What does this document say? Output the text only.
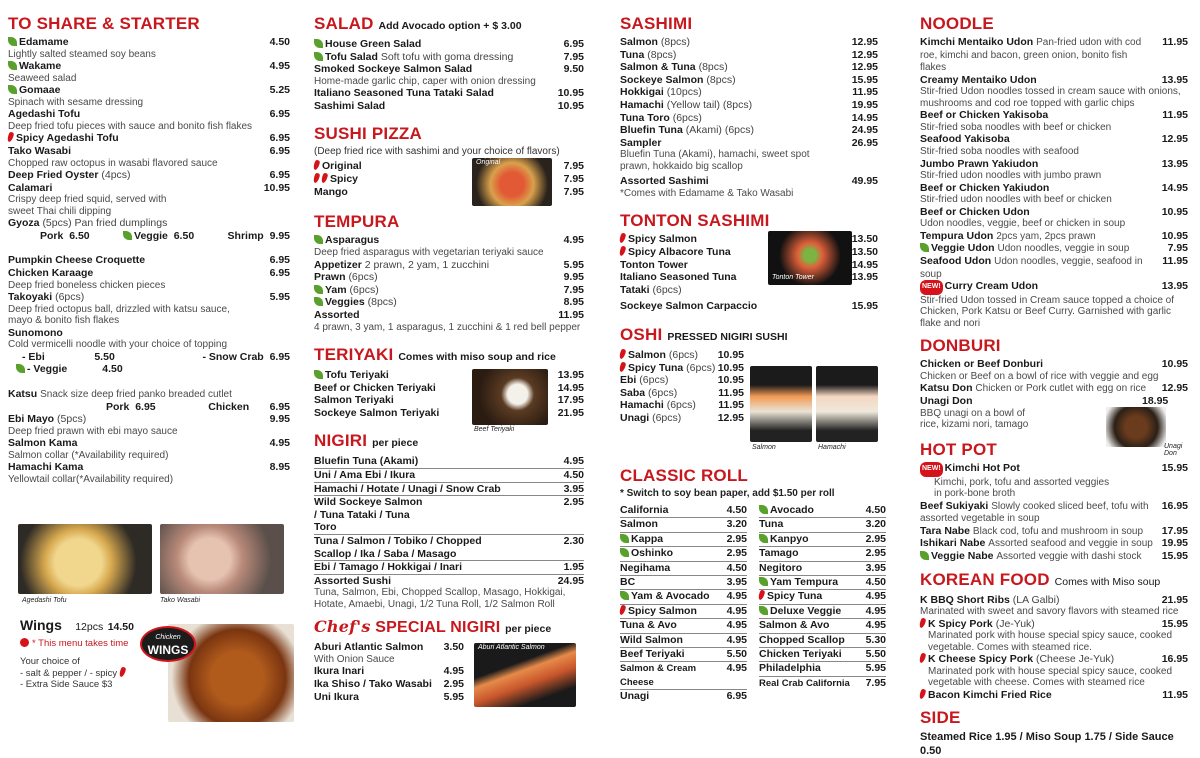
TO SHARE & STARTER
Edamame	4.50
Lightly salted steamed soy beans
Wakame	4.95
Seaweed salad
Gomaae	5.25
Spinach with sesame dressing
Agedashi Tofu	6.95
Deep fried tofu pieces with sauce and bonito fish flakes
Spicy Agedashi Tofu	6.95
Tako Wasabi	6.95
Chopped raw octopus in wasabi flavored sauce
Deep Fried Oyster (4pcs)	6.95
Calamari	10.95
Crispy deep fried squid, served with sweet Thai chili dipping
Gyoza (5pcs) Pan fried dumplings
Pork 6.50	Veggie 6.50	Shrimp 9.95
Pumpkin Cheese Croquette	6.95
Chicken Karaage	6.95
Deep fried boneless chicken pieces
Takoyaki (6pcs)	5.95
Deep fried octopus ball, drizzled with katsu sauce, mayo & bonito fish flakes
Sunomono
Cold vermicelli noodle with your choice of topping
- Ebi	5.50	- Snow Crab 6.95
- Veggie	4.50
Katsu Snack size deep fried panko breaded cutlet
Pork 6.95	Chicken 6.95
Ebi Mayo (5pcs)	9.95
Deep fried prawn with ebi mayo sauce
Salmon Kama	4.95
Salmon collar (*Availability required)
Hamachi Kama	8.95
Yellowtail collar(*Availability required)
Agedashi Tofu	Tako Wasabi
Wings 12pcs 14.50
* This menu takes time
Your choice of
- salt & pepper / - spicy
- Extra Side Sauce $3
Chicken
WINGS
SALAD Add Avocado option + $ 3.00
House Green Salad	6.95
Tofu Salad Soft tofu with goma dressing	7.95
Smoked Sockeye Salmon Salad	9.50
Home-made garlic chip, caper with onion dressing
Italiano Seasoned Tuna Tataki Salad	10.95
Sashimi Salad	10.95
SUSHI PIZZA
(Deep fried rice with sashimi and your choice of flavors)
Original	7.95
Spicy	7.95
Mango	7.95
Original
TEMPURA
Asparagus	4.95
Deep fried asparagus with vegetarian teriyaki sauce
Appetizer 2 prawn, 2 yam, 1 zucchini	5.95
Prawn (6pcs)	9.95
Yam (6pcs)	7.95
Veggies (8pcs)	8.95
Assorted	11.95
4 prawn, 3 yam, 1 asparagus, 1 zucchini & 1 red bell pepper
TERIYAKI Comes with miso soup and rice
Tofu Teriyaki	13.95
Beef or Chicken Teriyaki	14.95
Salmon Teriyaki	17.95
Sockeye Salmon Teriyaki	21.95
Beef Teriyaki
NIGIRI per piece
Bluefin Tuna (Akami)	4.95
Uni / Ama Ebi / Ikura	4.50
Hamachi / Hotate / Unagi / Snow Crab	3.95
Wild Sockeye Salmon / Tuna Tataki / Tuna Toro
2.95
Tuna / Salmon / Tobiko / Chopped Scallop / Ika / Saba / Masago
2.30
Ebi / Tamago / Hokkigai / Inari	1.95
Assorted Sushi	24.95
Tuna, Salmon, Ebi, Chopped Scallop, Masago, Hokkigai, Hotate, Amaebi, Unagi, 1/2 Tuna Roll, 1/2 Salmon Roll
Chef's SPECIAL NIGIRI per piece
Aburi Atlantic Salmon 3.50
With Onion Sauce
Ikura Inari	4.95
Ika Shiso / Tako Wasabi 2.95
Uni Ikura	5.95
Aburi Atlantic Salmon
SASHIMI
Salmon (8pcs)	12.95
Tuna (8pcs)	12.95
Salmon & Tuna (8pcs)	12.95
Sockeye Salmon (8pcs)	15.95
Hokkigai (10pcs)	11.95
Hamachi (Yellow tail) (8pcs)	19.95
Tuna Toro (6pcs)	14.95
Bluefin Tuna (Akami) (6pcs)	24.95
Sampler	26.95
Bluefin Tuna (Akami), hamachi, sweet spot prawn, hokkaido big scallop
Assorted Sashimi	49.95
*Comes with Edamame & Tako Wasabi
TONTON SASHIMI
Spicy Salmon	13.50
Spicy Albacore Tuna	13.50
Tonton Tower	14.95
Italiano Seasoned Tuna Tataki (6pcs)
13.95
Sockeye Salmon Carpaccio	15.95
Tonton Tower
OSHI PRESSED NIGIRI SUSHI
Salmon (6pcs) 10.95
Spicy Tuna (6pcs) 10.95
Ebi (6pcs)	10.95
Saba (6pcs)	11.95
Hamachi (6pcs) 11.95
Unagi (6pcs)	12.95
Salmon	Hamachi
CLASSIC ROLL
* Switch to soy bean paper, add $1.50 per roll
California	4.50
Salmon	3.20
Kappa	2.95
Oshinko	2.95
Negihama	4.50
BC	3.95
Yam & Avocado 4.95
Spicy Salmon	4.95
Tuna & Avo	4.95
Wild Salmon	4.95
Beef Teriyaki	5.50
Salmon & Cream Cheese
4.95
Unagi	6.95
Avocado	4.50
Tuna	3.20
Kanpyo	2.95
Tamago	2.95
Negitoro	3.95
Yam Tempura	4.50
Spicy Tuna	4.95
Deluxe Veggie 4.95
Salmon & Avo	4.95
Chopped Scallop 5.30
Chicken Teriyaki 5.50
Philadelphia	5.95
Real Crab California 7.95
NOODLE
Kimchi Mentaiko Udon Pan-fried udon with cod roe, kimchi and bacon, green onion, bonito fish flakes
11.95
Creamy Mentaiko Udon	13.95
Stir-fried Udon noodles tossed in cream sauce with onions, mushrooms and cod roe topped with garlic chips
Beef or Chicken Yakisoba	11.95
Stir-fried soba noodles with beef or chicken
Seafood Yakisoba	12.95
Stir-fried soba noodles with seafood
Jumbo Prawn Yakiudon	13.95
Stir-fried udon noodles with jumbo prawn
Beef or Chicken Yakiudon	14.95
Stir-fried udon noodles with beef or chicken
Beef or Chicken Udon	10.95
Udon noodles, veggie, beef or chicken in soup
Tempura Udon 2pcs yam, 2pcs prawn	10.95
Veggie Udon Udon noodles, veggie in soup	7.95
Seafood Udon Udon noodles, veggie, seafood in soup
11.95
NEW! Curry Cream Udon	13.95
Stir-fried Udon tossed in Cream sauce topped a choice of Chicken, Pork Katsu or Beef Curry. Garnished with garlic flake and nori
DONBURI
Chicken or Beef Donburi	10.95
Chicken or Beef on a bowl of rice with veggie and egg
Katsu Don Chicken or Pork cutlet with egg on rice 12.95
Unagi Don
BBQ unagi on a bowl of rice, kizami nori, tamago
18.95
Unagi Don
HOT POT
NEW! Kimchi Hot Pot	15.95
Kimchi, pork, tofu and assorted veggies in pork-bone broth
Beef Sukiyaki Slowly cooked sliced beef, tofu with assorted vegetable in soup
16.95
Tara Nabe Black cod, tofu and mushroom in soup 17.95
Ishikari Nabe Assorted seafood and veggie in soup 19.95
Veggie Nabe Assorted veggie with dashi stock 15.95
KOREAN FOOD Comes with Miso soup
K BBQ Short Ribs (LA Galbi)	21.95
Marinated with sweet and savory flavors with steamed rice
K Spicy Pork (Je-Yuk)	15.95
Marinated pork with house special spicy sauce, cooked vegetable. Comes with steamed rice.
K Cheese Spicy Pork (Cheese Je-Yuk)	16.95
Marinated pork with house special spicy sauce, cooked vegetable with cheese. Comes with steamed rice
Bacon Kimchi Fried Rice	11.95
SIDE
Steamed Rice 1.95 / Miso Soup 1.75 / Side Sauce 0.50
